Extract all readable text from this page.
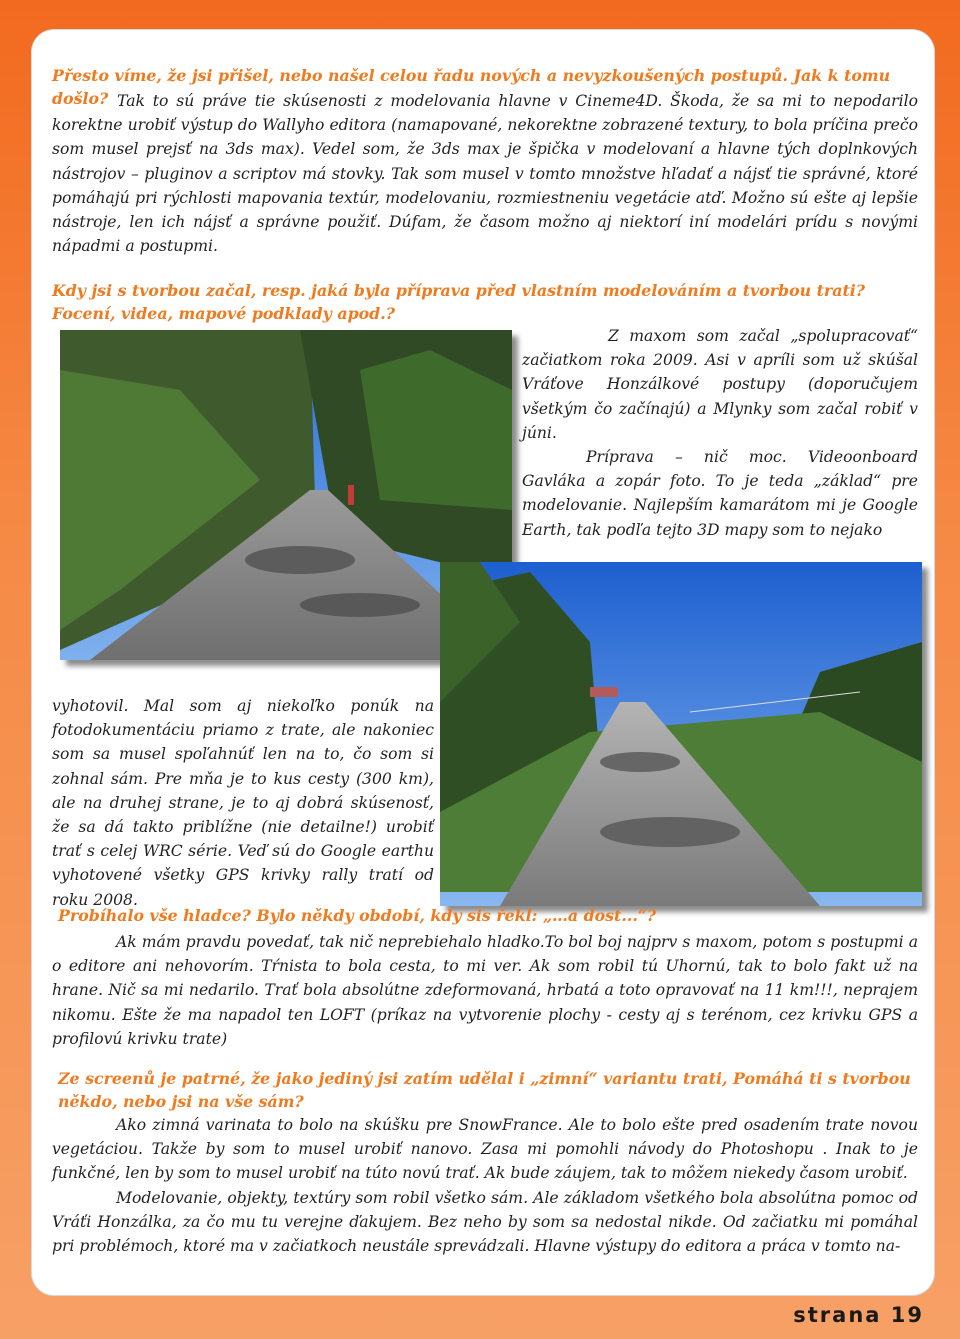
Přesto víme, že jsi přišel, nebo našel celou řadu nových a nevyzkoušených postupů. Jak k tomu došlo? Tak to sú práve tie skúsenosti z modelovania hlavne v Cineme4D. Škoda, že sa mi to nepodarilo korektne urobiť výstup do Wallyho editora (namapované, nekorektne zobrazené textury, to bola príčina prečo som musel prejsť na 3ds max). Vedel som, že 3ds max je špička v modelovaní a hlavne tých doplnkových nástrojov – pluginov a scriptov má stovky. Tak som musel v tomto množstve hľadať a nájsť tie správné, ktoré pomáhajú pri rýchlosti mapovania textúr, modelovaniu, rozmiestneniu vegetácie atď. Možno sú ešte aj lepšie nástroje, len ich nájsť a správne použiť. Dúfam, že časom možno aj niektorí iní modelári prídu s novými nápadmi a postupmi.

Kdy jsi s tvorbou začal, resp. jaká byla příprava před vlastním modelováním a tvorbou trati? Focení, videa, mapové podklady apod.?

Z maxom som začal „spolupracovať“ začiatkom roka 2009. Asi v apríli som už skúšal Vráťove Honzálkové postupy (doporučujem všetkým čo začínajú) a Mlynky som začal robiť v júni.
Príprava – nič moc. Videoonboard Gavláka a zopár foto. To je teda „základ“ pre modelovanie. Najlepším kamarátom mi je Google Earth, tak podľa tejto 3D mapy som to nejako

vyhotovil. Mal som aj niekoľko ponúk na fotodokumentáciu priamo z trate, ale nakoniec som sa musel spoľahnúť len na to, čo som si zohnal sám. Pre mňa je to kus cesty (300 km), ale na druhej strane, je to aj dobrá skúsenosť, že sa dá takto priblížne (nie detailne!) urobiť trať s celej WRC série. Veď sú do Google earthu vyhotovené všetky GPS krivky rally tratí od roku 2008.

Probíhalo vše hladce? Bylo někdy období, kdy sis řekl: „…a dost...“?

Ak mám pravdu povedať, tak nič neprebiehalo hladko.To bol boj najprv s maxom, potom s postupmi a o editore ani nehovorím. Tŕnista to bola cesta, to mi ver. Ak som robil tú Uhornú, tak to bolo fakt už na hrane. Nič sa mi nedarilo. Trať bola absolútne zdeformovaná, hrbatá a toto opravovať na 11 km!!!, neprajem nikomu. Ešte že ma napadol ten LOFT (príkaz na vytvorenie plochy - cesty aj s terénom, cez krivku GPS a profilovú krivku trate)

Ze screenů je patrné, že jako jediný jsi zatím udělal i „zimní“ variantu trati, Pomáhá ti s tvorbou někdo, nebo jsi na vše sám?

Ako zimná varinata to bolo na skúšku pre SnowFrance. Ale to bolo ešte pred osadením trate novou vegetáciou. Takže by som to musel urobiť nanovo. Zasa mi pomohli návody do Photoshopu . Inak to je funkčné, len by som to musel urobiť na túto novú trať. Ak bude záujem, tak to môžem niekedy časom urobiť.
Modelovanie, objekty, textúry som robil všetko sám. Ale základom všetkého bola absolútna pomoc od Vráťi Honzálka, za čo mu tu verejne ďakujem. Bez neho by som sa nedostal nikde. Od začiatku mi pomáhal pri problémoch, ktoré ma v začiatkoch neustále sprevádzali. Hlavne výstupy do editora a práca v tomto na-

strana 19
